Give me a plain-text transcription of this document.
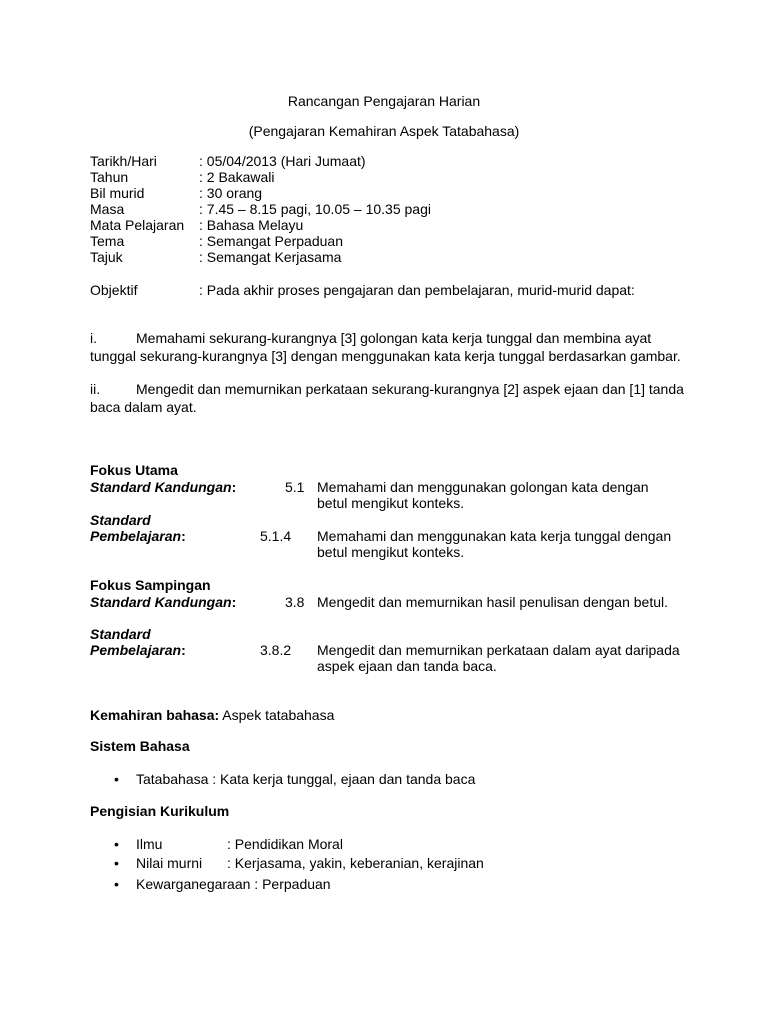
Rancangan Pengajaran Harian
(Pengajaran Kemahiran Aspek Tatabahasa)
Tarikh/Hari	: 05/04/2013 (Hari Jumaat)
Tahun	: 2 Bakawali
Bil murid	: 30 orang
Masa	: 7.45 – 8.15 pagi, 10.05 – 10.35 pagi
Mata Pelajaran : Bahasa Melayu
Tema	: Semangat Perpaduan
Tajuk	: Semangat Kerjasama
Objektif	: Pada akhir proses pengajaran dan pembelajaran, murid-murid dapat:
i.	Memahami sekurang-kurangnya [3] golongan kata kerja tunggal dan membina ayat
tunggal sekurang-kurangnya [3] dengan menggunakan kata kerja tunggal berdasarkan gambar.
ii.	Mengedit dan memurnikan perkataan sekurang-kurangnya [2] aspek ejaan dan [1] tanda
baca dalam ayat.
Fokus Utama
Standard Kandungan:	5.1 Memahami dan menggunakan golongan kata dengan
betul mengikut konteks.
Standard
Pembelajaran:	5.1.4 Memahami dan menggunakan kata kerja tunggal dengan
betul mengikut konteks.
Fokus Sampingan
Standard Kandungan:	3.8 Mengedit dan memurnikan hasil penulisan dengan betul.
Standard
Pembelajaran:	3.8.2 Mengedit dan memurnikan perkataan dalam ayat daripada
aspek ejaan dan tanda baca.
Kemahiran bahasa: Aspek tatabahasa
Sistem Bahasa
• Tatabahasa : Kata kerja tunggal, ejaan dan tanda baca
Pengisian Kurikulum
• Ilmu	: Pendidikan Moral
• Nilai murni : Kerjasama, yakin, keberanian, kerajinan
• Kewarganegaraan : Perpaduan
